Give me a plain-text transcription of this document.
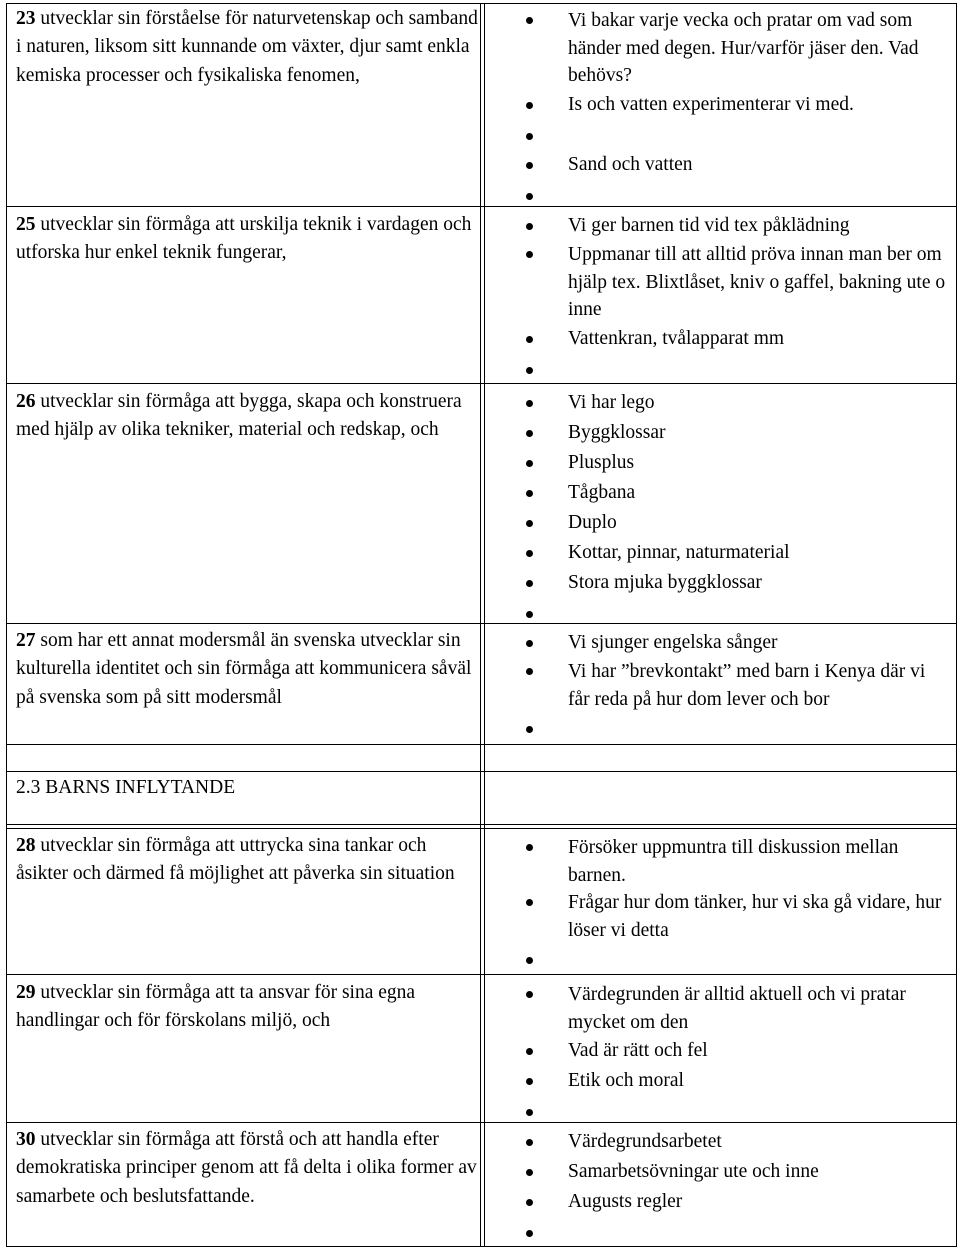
23 utvecklar sin förståelse för naturvetenskap och samband i naturen, liksom sitt kunnande om växter, djur samt enkla kemiska processer och fysikaliska fenomen,
Vi bakar varje vecka och pratar om vad som händer med degen. Hur/varför jäser den. Vad behövs?
Is och vatten experimenterar vi med.
Sand och vatten
25 utvecklar sin förmåga att urskilja teknik i vardagen och utforska hur enkel teknik fungerar,
Vi ger barnen tid vid tex påklädning
Uppmanar till att alltid pröva innan man ber om hjälp tex. Blixtlåset, kniv o gaffel, bakning ute o inne
Vattenkran, tvålapparat mm
26 utvecklar sin förmåga att bygga, skapa och konstruera med hjälp av olika tekniker, material och redskap, och
Vi har lego
Byggklossar
Plusplus
Tågbana
Duplo
Kottar, pinnar, naturmaterial
Stora mjuka byggklossar
27 som har ett annat modersmål än svenska utvecklar sin kulturella identitet och sin förmåga att kommunicera såväl på svenska som på sitt modersmål
Vi sjunger engelska sånger
Vi har ”brevkontakt” med barn i Kenya där vi får reda på hur dom lever och bor
2.3 BARNS INFLYTANDE
28 utvecklar sin förmåga att uttrycka sina tankar och åsikter och därmed få möjlighet att påverka sin situation
Försöker uppmuntra till diskussion mellan barnen.
Frågar hur dom tänker, hur vi ska gå vidare, hur löser vi detta
29 utvecklar sin förmåga att ta ansvar för sina egna handlingar och för förskolans miljö, och
Värdegrunden är alltid aktuell och vi pratar mycket om den
Vad är rätt och fel
Etik och moral
30 utvecklar sin förmåga att förstå och att handla efter demokratiska principer genom att få delta i olika former av samarbete och beslutsfattande.
Värdegrundsarbetet
Samarbetsövningar ute och inne
Augusts regler
